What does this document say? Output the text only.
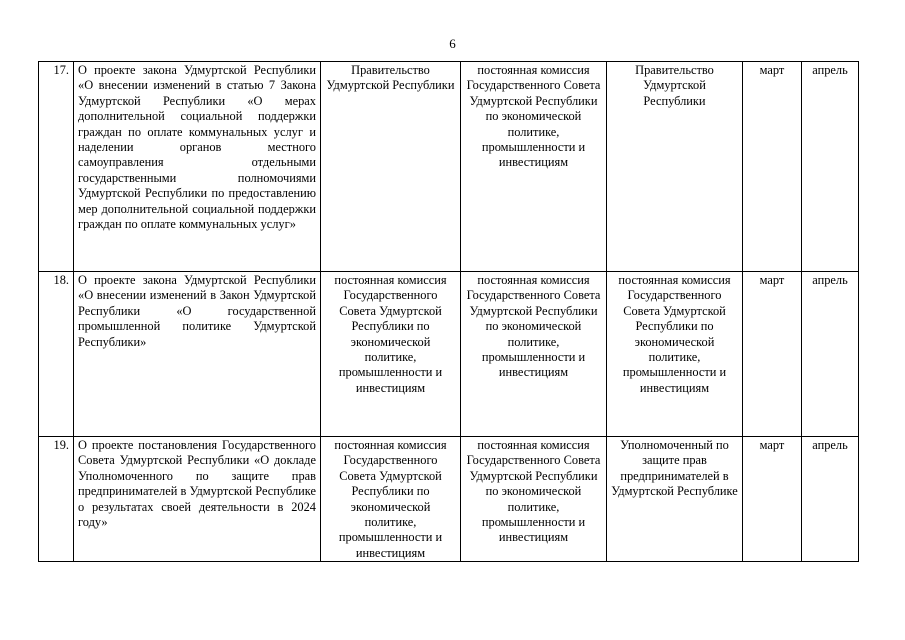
6
17.	О проекте закона Удмуртской Республики «О внесении изменений в статью 7 Закона Удмуртской Республики «О мерах дополнительной социальной поддержки граждан по оплате коммунальных услуг и наделении органов местного самоуправления отдельными государственными полномочиями Удмуртской Республики по предоставлению мер дополнительной социальной поддержки граждан по оплате коммунальных услуг»	Правительство Удмуртской Республики	постоянная комиссия Государственного Совета Удмуртской Республики по экономической политике, промышленности и инвестициям	Правительство Удмуртской Республики	март	апрель
18.	О проекте закона Удмуртской Республики «О внесении изменений в Закон Удмуртской Республики «О государственной промышленной политике Удмуртской Республики»	постоянная комиссия Государственного Совета Удмуртской Республики по экономической политике, промышленности и инвестициям	постоянная комиссия Государственного Совета Удмуртской Республики по экономической политике, промышленности и инвестициям	постоянная комиссия Государственного Совета Удмуртской Республики по экономической политике, промышленности и инвестициям	март	апрель
19.	О проекте постановления Государственного Совета Удмуртской Республики «О докладе Уполномоченного по защите прав предпринимателей в Удмуртской Республике о результатах своей деятельности в 2024 году»	постоянная комиссия Государственного Совета Удмуртской Республики по экономической политике, промышленности и инвестициям	постоянная комиссия Государственного Совета Удмуртской Республики по экономической политике, промышленности и инвестициям	Уполномоченный по защите прав предпринимателей в Удмуртской Республике	март	апрель
